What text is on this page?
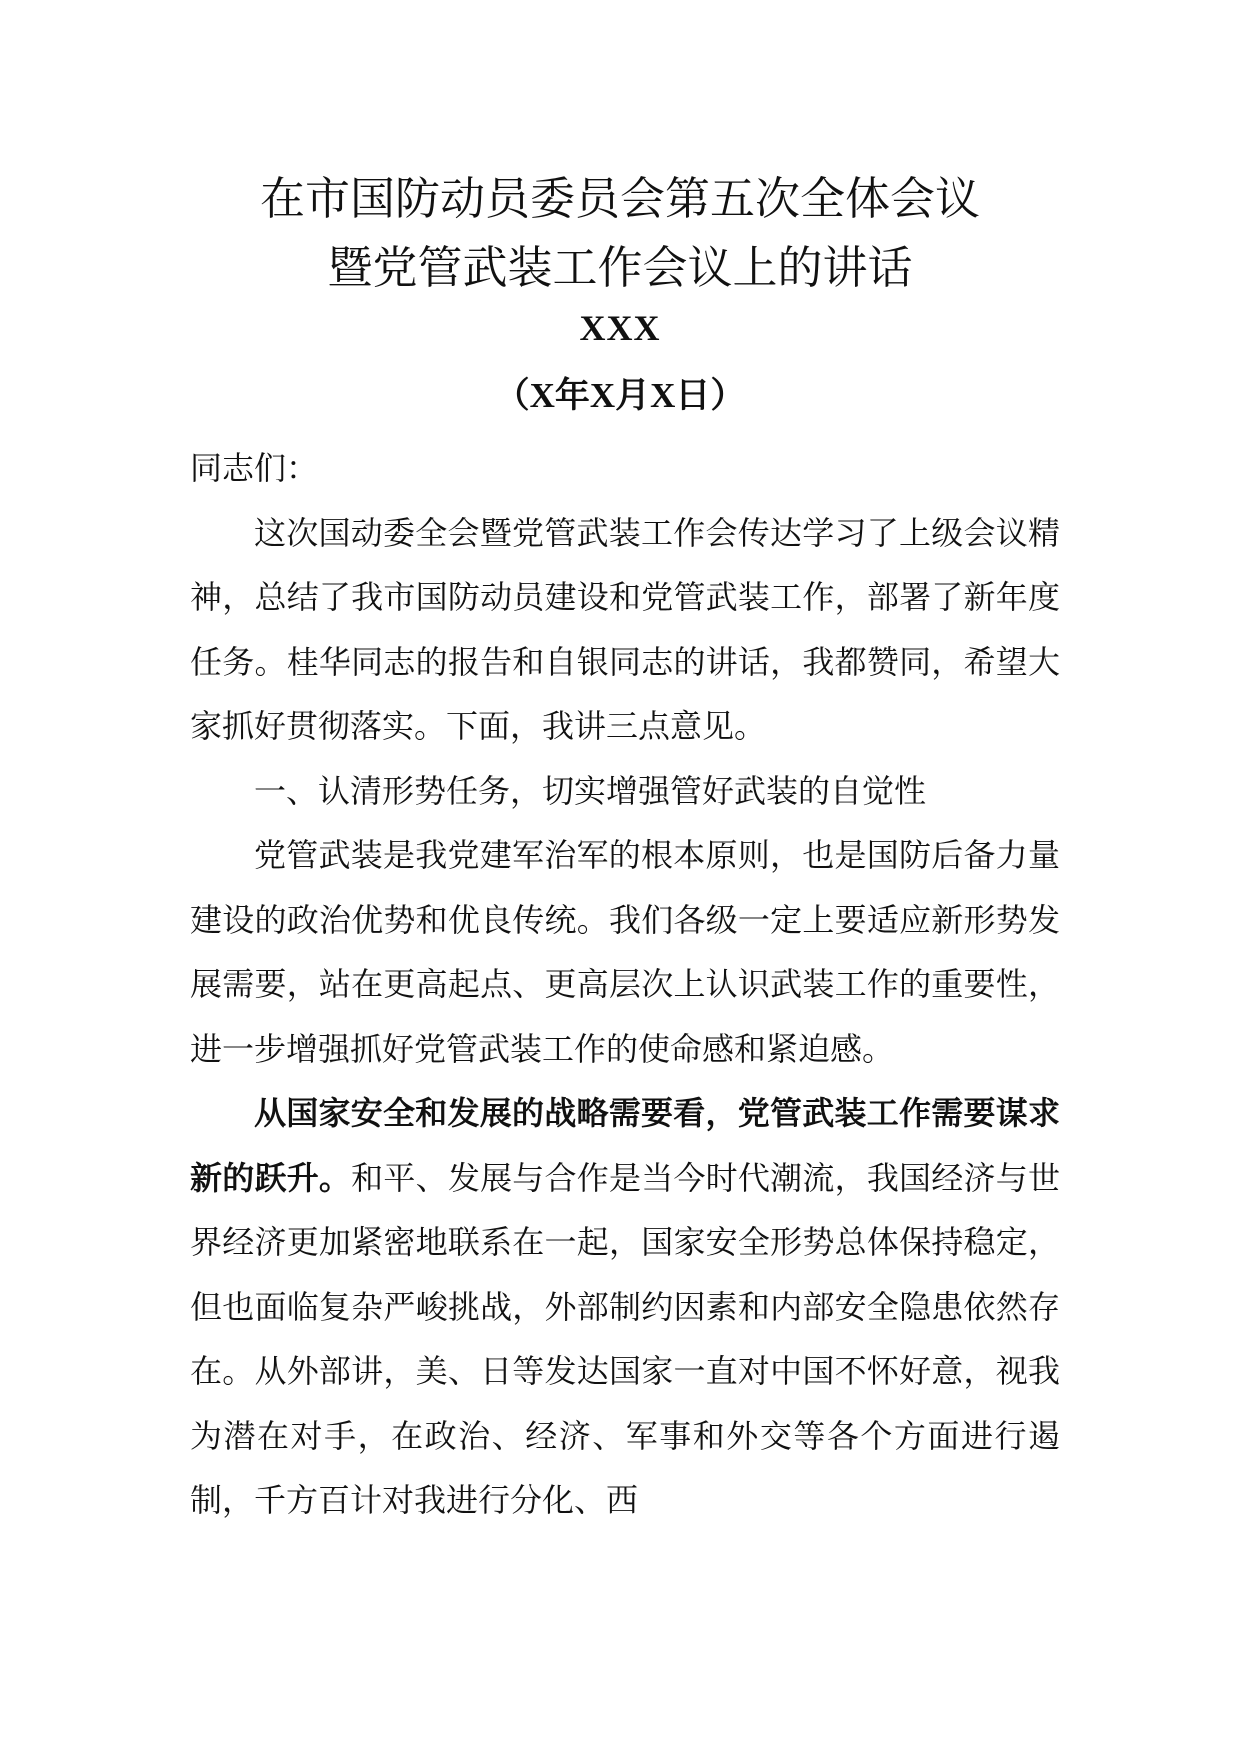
在市国防动员委员会第五次全体会议
暨党管武装工作会议上的讲话
XXX
（X年X月X日）

同志们：

这次国动委全会暨党管武装工作会传达学习了上级会议精神，总结了我市国防动员建设和党管武装工作，部署了新年度任务。桂华同志的报告和自银同志的讲话，我都赞同，希望大家抓好贯彻落实。下面，我讲三点意见。

一、认清形势任务，切实增强管好武装的自觉性

党管武装是我党建军治军的根本原则，也是国防后备力量建设的政治优势和优良传统。我们各级一定上要适应新形势发展需要，站在更高起点、更高层次上认识武装工作的重要性，进一步增强抓好党管武装工作的使命感和紧迫感。

从国家安全和发展的战略需要看，党管武装工作需要谋求新的跃升。和平、发展与合作是当今时代潮流，我国经济与世界经济更加紧密地联系在一起，国家安全形势总体保持稳定，但也面临复杂严峻挑战，外部制约因素和内部安全隐患依然存在。从外部讲，美、日等发达国家一直对中国不怀好意，视我为潜在对手，在政治、经济、军事和外交等各个方面进行遏制，千方百计对我进行分化、西
